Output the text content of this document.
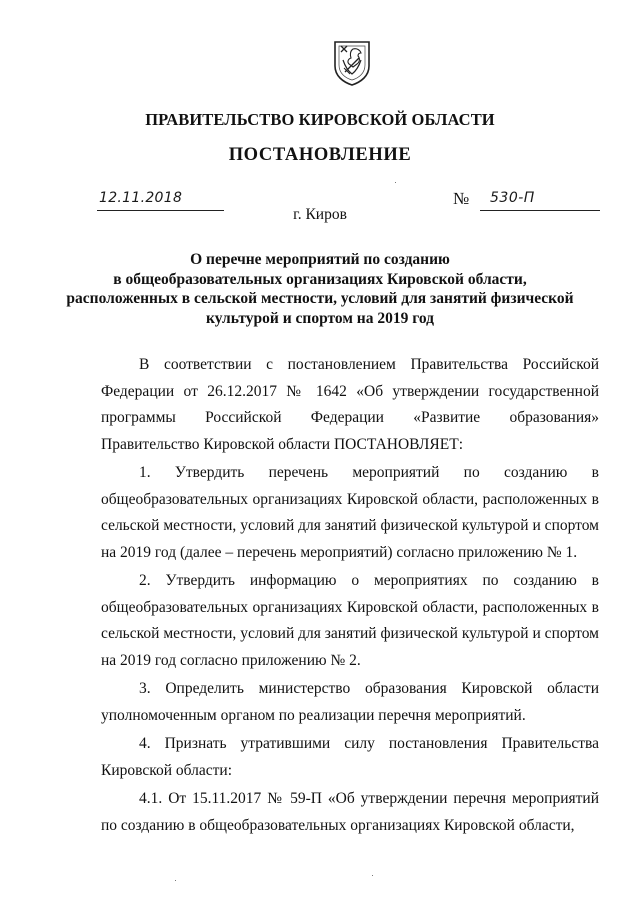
ПРАВИТЕЛЬСТВО КИРОВСКОЙ ОБЛАСТИ
ПОСТАНОВЛЕНИЕ
12.11.2018	№ 530-П
г. Киров
О перечне мероприятий по созданию
в общеобразовательных организациях Кировской области,
расположенных в сельской местности, условий для занятий физической
культурой и спортом на 2019 год

В соответствии с постановлением Правительства Российской Федерации от 26.12.2017 № 1642 «Об утверждении государственной программы Российской Федерации «Развитие образования» Правительство Кировской области ПОСТАНОВЛЯЕТ:

1. Утвердить перечень мероприятий по созданию в общеобразовательных организациях Кировской области, расположенных в сельской местности, условий для занятий физической культурой и спортом на 2019 год (далее – перечень мероприятий) согласно приложению № 1.

2. Утвердить информацию о мероприятиях по созданию в общеобразовательных организациях Кировской области, расположенных в сельской местности, условий для занятий физической культурой и спортом на 2019 год согласно приложению № 2.

3. Определить министерство образования Кировской области уполномоченным органом по реализации перечня мероприятий.

4. Признать утратившими силу постановления Правительства Кировской области:

4.1. От 15.11.2017 № 59-П «Об утверждении перечня мероприятий по созданию в общеобразовательных организациях Кировской области,
